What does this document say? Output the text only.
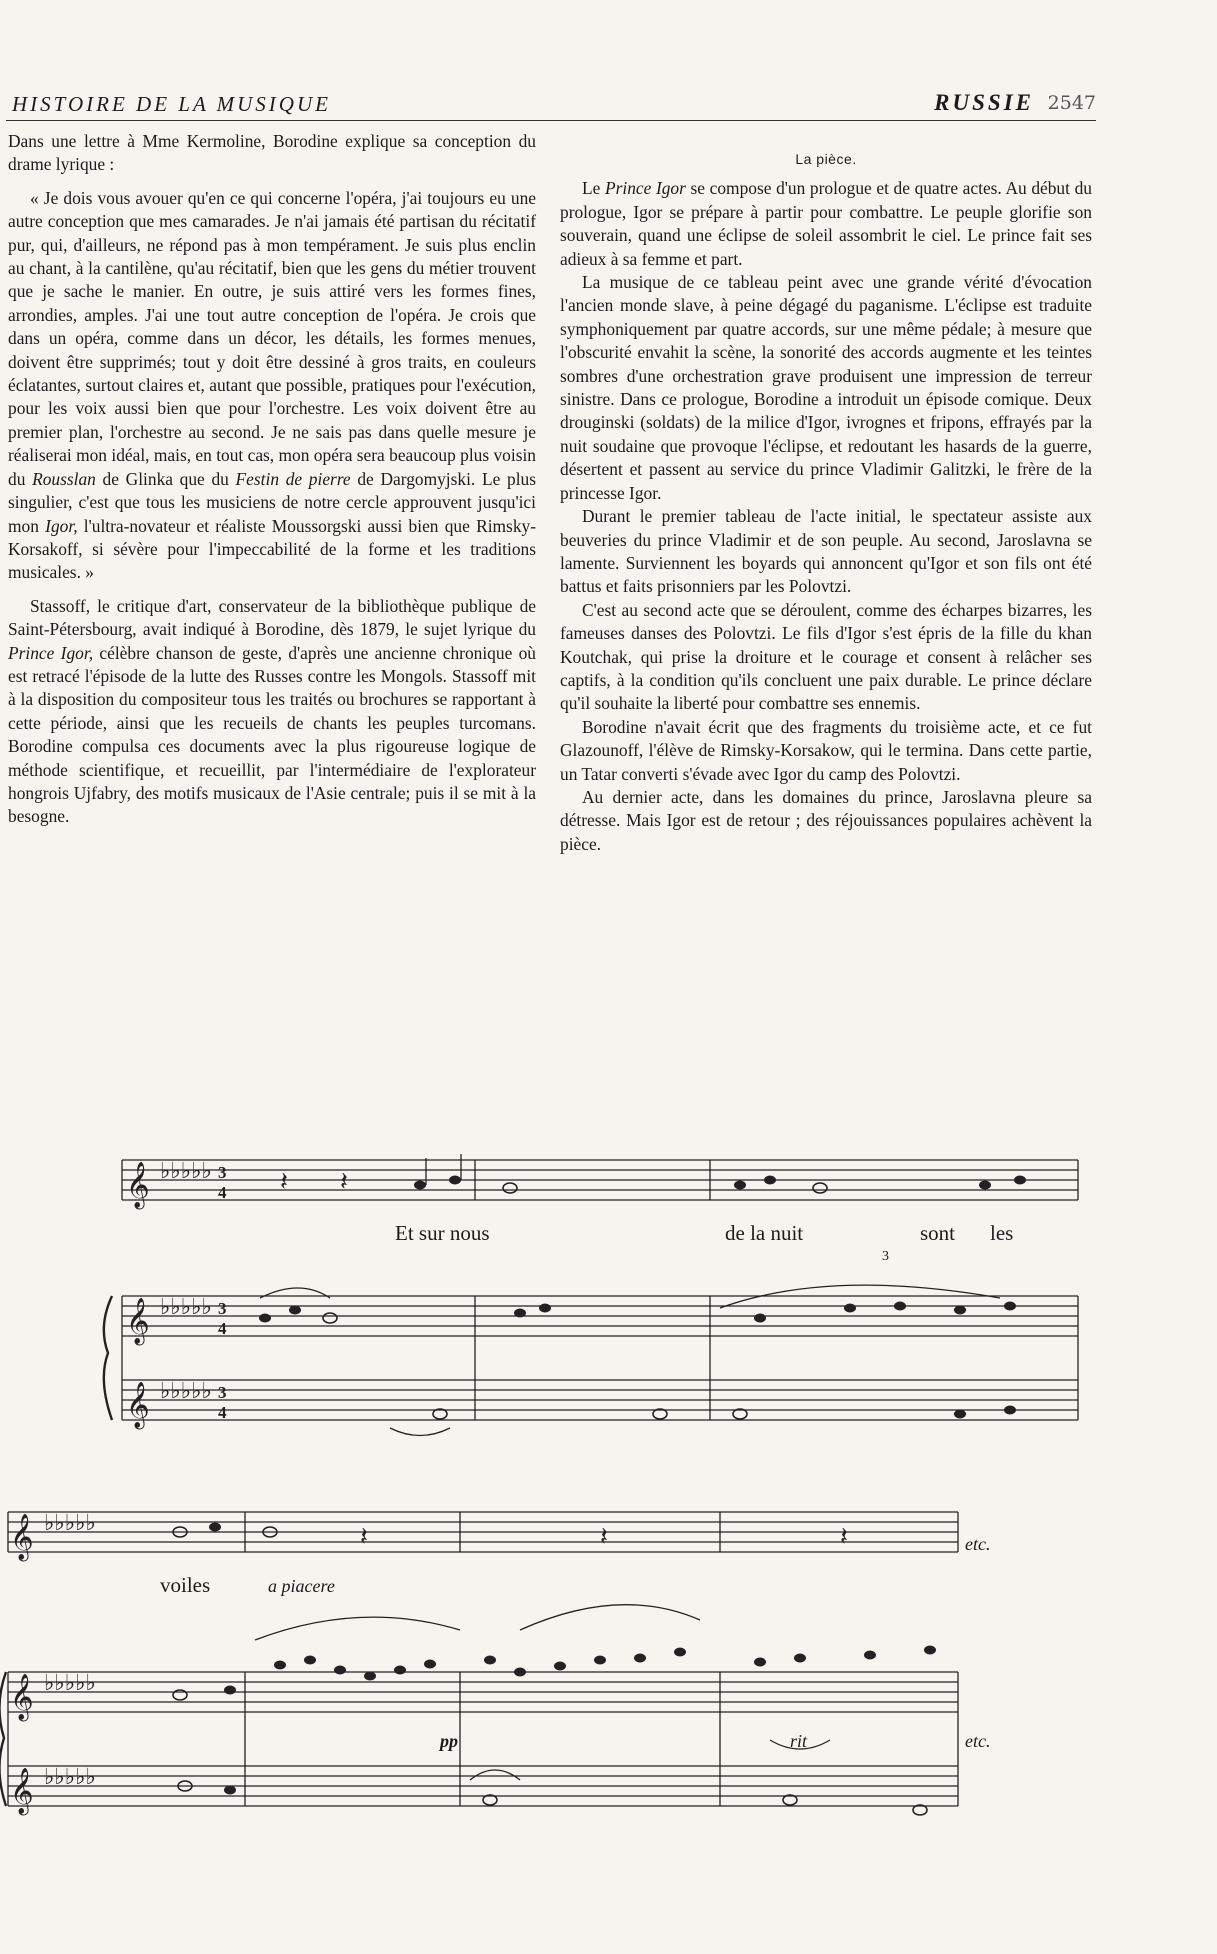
HISTOIRE DE LA MUSIQUE	RUSSIE 2547

Dans une lettre à Mme Kermoline, Borodine explique sa conception du drame lyrique :

« Je dois vous avouer qu'en ce qui concerne l'opéra, j'ai toujours eu une autre conception que mes camarades. Je n'ai jamais été partisan du récitatif pur, qui, d'ailleurs, ne répond pas à mon tempérament. Je suis plus enclin au chant, à la cantilène, qu'au récitatif, bien que les gens du métier trouvent que je sache le manier. En outre, je suis attiré vers les formes fines, arrondies, amples. J'ai une tout autre conception de l'opéra. Je crois que dans un opéra, comme dans un décor, les détails, les formes menues, doivent être supprimés; tout y doit être dessiné à gros traits, en couleurs éclatantes, surtout claires et, autant que possible, pratiques pour l'exécution, pour les voix aussi bien que pour l'orchestre. Les voix doivent être au premier plan, l'orchestre au second. Je ne sais pas dans quelle mesure je réaliserai mon idéal, mais, en tout cas, mon opéra sera beaucoup plus voisin du Rousslan de Glinka que du Festin de pierre de Dargomyjski. Le plus singulier, c'est que tous les musiciens de notre cercle approuvent jusqu'ici mon Igor, l'ultra-novateur et réaliste Moussorgski aussi bien que Rimsky-Korsakoff, si sévère pour l'impeccabilité de la forme et les traditions musicales. »

Stassoff, le critique d'art, conservateur de la bibliothèque publique de Saint-Pétersbourg, avait indiqué à Borodine, dès 1879, le sujet lyrique du Prince Igor, célèbre chanson de geste, d'après une ancienne chronique où est retracé l'épisode de la lutte des Russes contre les Mongols. Stassoff mit à la disposition du compositeur tous les traités ou brochures se rapportant à cette période, ainsi que les recueils de chants les peuples turcomans. Borodine compulsa ces documents avec la plus rigoureuse logique de méthode scientifique, et recueillit, par l'intermédiaire de l'explorateur hongrois Ujfabry, des motifs musicaux de l'Asie centrale; puis il se mit à la besogne.

La pièce.

Le Prince Igor se compose d'un prologue et de quatre actes. Au début du prologue, Igor se prépare à partir pour combattre. Le peuple glorifie son souverain, quand une éclipse de soleil assombrit le ciel. Le prince fait ses adieux à sa femme et part.

La musique de ce tableau peint avec une grande vérité d'évocation l'ancien monde slave, à peine dégagé du paganisme. L'éclipse est traduite symphoniquement par quatre accords, sur une même pédale; à mesure que l'obscurité envahit la scène, la sonorité des accords augmente et les teintes sombres d'une orchestration grave produisent une impression de terreur sinistre. Dans ce prologue, Borodine a introduit un épisode comique. Deux drouginski (soldats) de la milice d'Igor, ivrognes et fripons, effrayés par la nuit soudaine que provoque l'éclipse, et redoutant les hasards de la guerre, désertent et passent au service du prince Vladimir Galitzki, le frère de la princesse Igor.

Durant le premier tableau de l'acte initial, le spectateur assiste aux beuveries du prince Vladimir et de son peuple. Au second, Jaroslavna se lamente. Surviennent les boyards qui annoncent qu'Igor et son fils ont été battus et faits prisonniers par les Polovtzi.

C'est au second acte que se déroulent, comme des écharpes bizarres, les fameuses danses des Polovtzi. Le fils d'Igor s'est épris de la fille du khan Koutchak, qui prise la droiture et le courage et consent à relâcher ses captifs, à la condition qu'ils concluent une paix durable. Le prince déclare qu'il souhaite la liberté pour combattre ses ennemis.

Borodine n'avait écrit que des fragments du troisième acte, et ce fut Glazounoff, l'élève de Rimsky-Korsakow, qui le termina. Dans cette partie, un Tatar converti s'évade avec Igor du camp des Polovtzi.

Au dernier acte, dans les domaines du prince, Jaroslavna pleure sa détresse. Mais Igor est de retour ; des réjouissances populaires achèvent la pièce.

𝄞
𝄞
𝄞
♭♭♭♭♭
♭♭♭♭♭
♭♭♭♭♭
3
4
3
4
3
4
𝄽 𝄽
Et sur nous	de la nuit	sont les
3
𝄞
𝄞
𝄞
♭♭♭♭♭
♭♭♭♭♭
♭♭♭♭♭
𝄽	𝄽	𝄽
voiles	a piacere
etc.
pp	rit	etc.
